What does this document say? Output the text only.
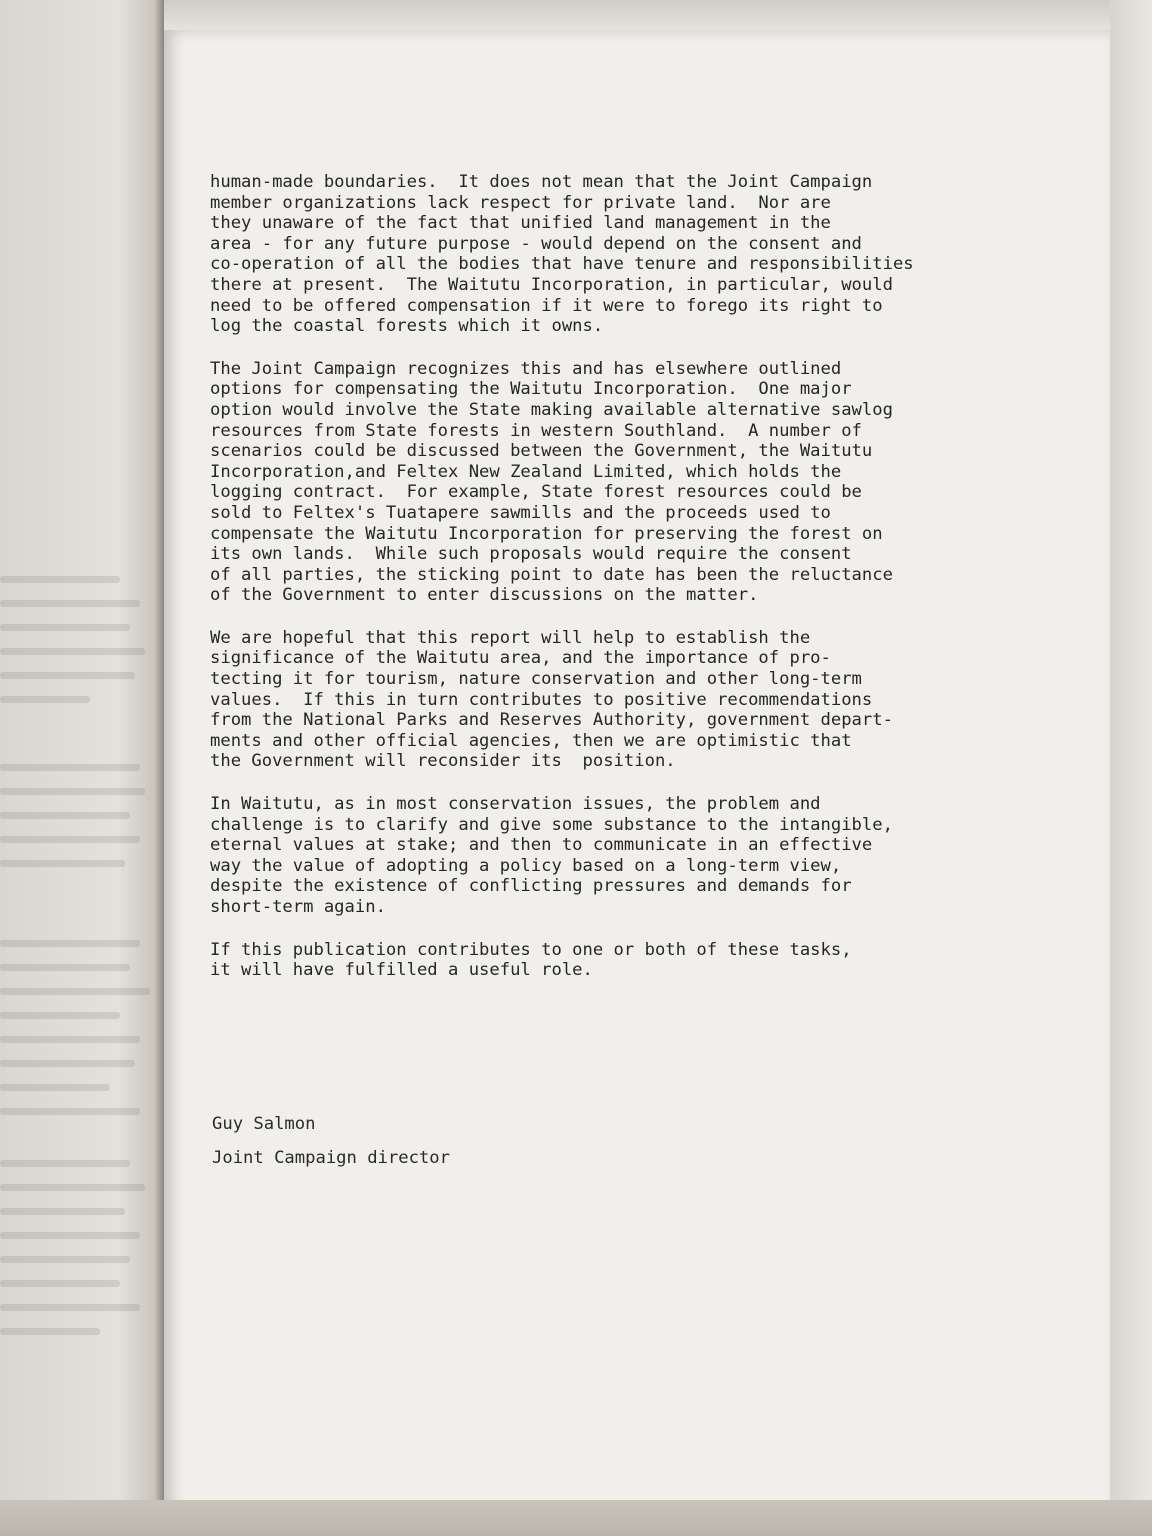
human-made boundaries.  It does not mean that the Joint Campaign
member organizations lack respect for private land.  Nor are
they unaware of the fact that unified land management in the
area - for any future purpose - would depend on the consent and
co-operation of all the bodies that have tenure and responsibilities
there at present.  The Waitutu Incorporation, in particular, would
need to be offered compensation if it were to forego its right to
log the coastal forests which it owns.
The Joint Campaign recognizes this and has elsewhere outlined
options for compensating the Waitutu Incorporation.  One major
option would involve the State making available alternative sawlog
resources from State forests in western Southland.  A number of
scenarios could be discussed between the Government, the Waitutu
Incorporation,and Feltex New Zealand Limited, which holds the
logging contract.  For example, State forest resources could be
sold to Feltex's Tuatapere sawmills and the proceeds used to
compensate the Waitutu Incorporation for preserving the forest on
its own lands.  While such proposals would require the consent
of all parties, the sticking point to date has been the reluctance
of the Government to enter discussions on the matter.
We are hopeful that this report will help to establish the
significance of the Waitutu area, and the importance of pro-
tecting it for tourism, nature conservation and other long-term
values.  If this in turn contributes to positive recommendations
from the National Parks and Reserves Authority, government depart-
ments and other official agencies, then we are optimistic that
the Government will reconsider its  position.
In Waitutu, as in most conservation issues, the problem and
challenge is to clarify and give some substance to the intangible,
eternal values at stake; and then to communicate in an effective
way the value of adopting a policy based on a long-term view,
despite the existence of conflicting pressures and demands for
short-term again.
If this publication contributes to one or both of these tasks,
it will have fulfilled a useful role.
Guy Salmon
Joint Campaign director
